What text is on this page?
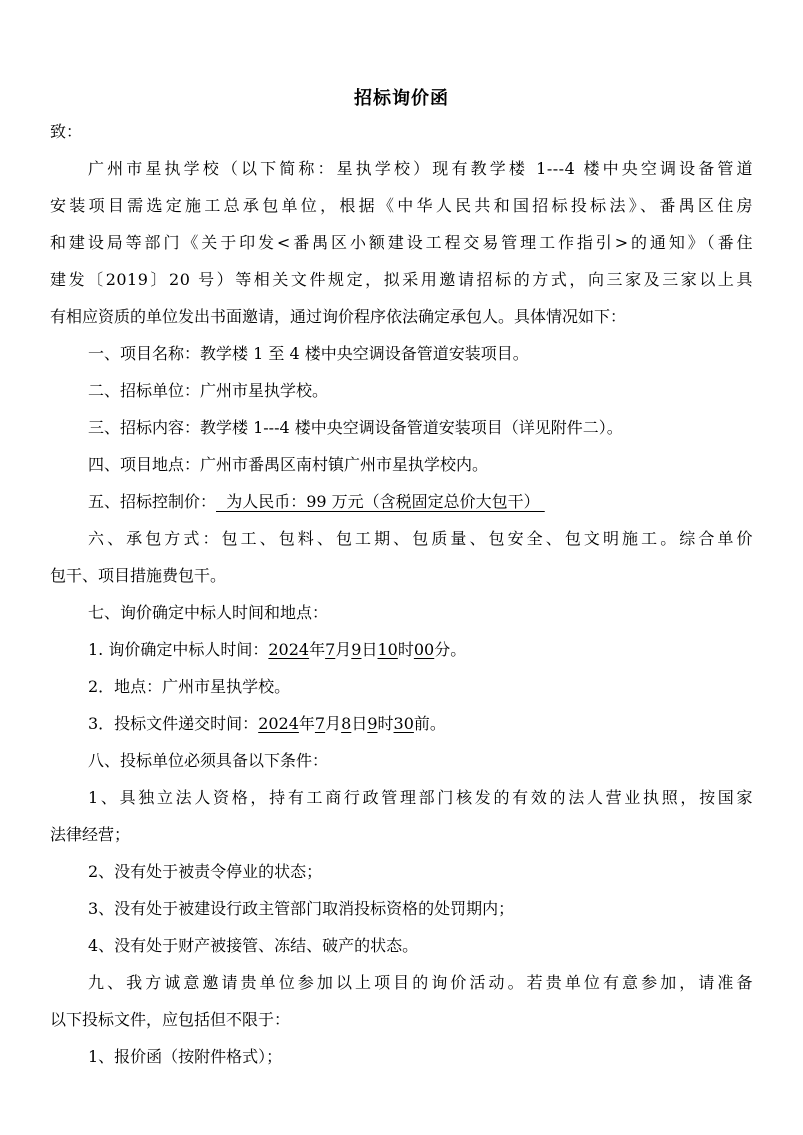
招标询价函
致：
广州市星执学校（以下简称：星执学校）现有教学楼 1---4 楼中央空调设备管道
安装项目需选定施工总承包单位，根据《中华人民共和国招标投标法》、番禺区住房
和建设局等部门《关于印发<番禺区小额建设工程交易管理工作指引>的通知》（番住
建发〔2019〕20 号）等相关文件规定，拟采用邀请招标的方式，向三家及三家以上具
有相应资质的单位发出书面邀请，通过询价程序依法确定承包人。具体情况如下：
一、项目名称：教学楼 1 至 4 楼中央空调设备管道安装项目。
二、招标单位：广州市星执学校。
三、招标内容：教学楼 1---4 楼中央空调设备管道安装项目（详见附件二）。
四、项目地点：广州市番禺区南村镇广州市星执学校内。
五、招标控制价：  为人民币：99 万元（含税固定总价大包干）
六、承包方式：包工、包料、包工期、包质量、包安全、包文明施工。综合单价
包干、项目措施费包干。
七、询价确定中标人时间和地点：
1. 询价确定中标人时间：2024年7月9日10时00分。
2．地点：广州市星执学校。
3．投标文件递交时间：2024年7月8日9时30前。
八、投标单位必须具备以下条件：
1、具独立法人资格，持有工商行政管理部门核发的有效的法人营业执照，按国家
法律经营；
2、没有处于被责令停业的状态；
3、没有处于被建设行政主管部门取消投标资格的处罚期内；
4、没有处于财产被接管、冻结、破产的状态。
九、我方诚意邀请贵单位参加以上项目的询价活动。若贵单位有意参加，请准备
以下投标文件，应包括但不限于：
1、报价函（按附件格式）；
